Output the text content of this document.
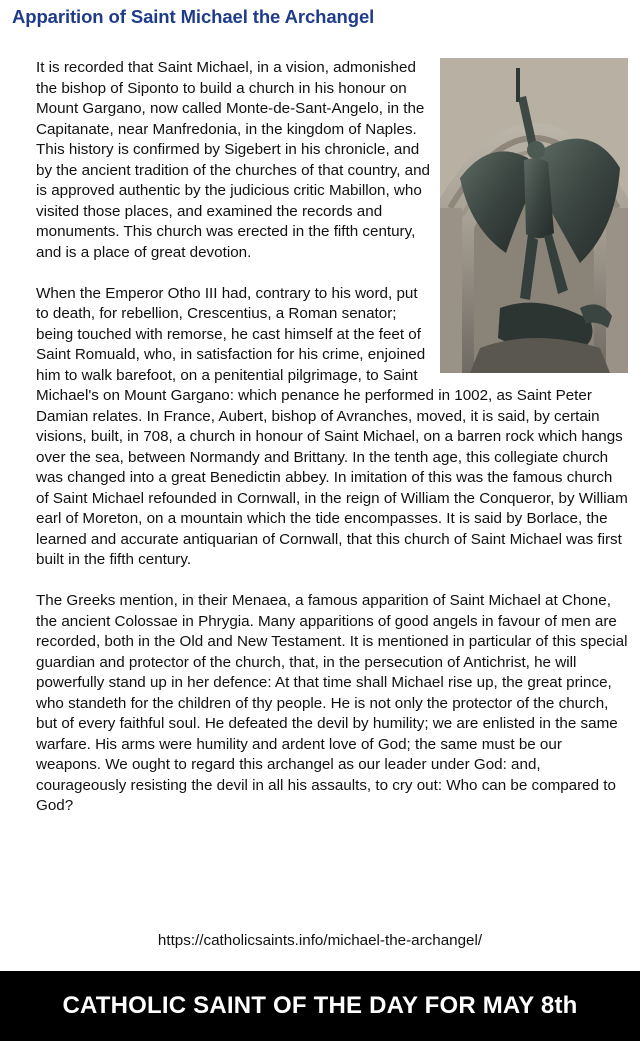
Apparition of Saint Michael the Archangel

It is recorded that Saint Michael, in a vision, admonished the bishop of Siponto to build a church in his honour on Mount Gargano, now called Monte-de-Sant-Angelo, in the Capitanate, near Manfredonia, in the kingdom of Naples. This history is confirmed by Sigebert in his chronicle, and by the ancient tradition of the churches of that country, and is approved authentic by the judicious critic Mabillon, who visited those places, and examined the records and monuments. This church was erected in the fifth century, and is a place of great devotion.

When the Emperor Otho III had, contrary to his word, put to death, for rebellion, Crescentius, a Roman senator; being touched with remorse, he cast himself at the feet of Saint Romuald, who, in satisfaction for his crime, enjoined him to walk barefoot, on a penitential pilgrimage, to Saint Michael's on Mount Gargano: which penance he performed in 1002, as Saint Peter Damian relates. In France, Aubert, bishop of Avranches, moved, it is said, by certain visions, built, in 708, a church in honour of Saint Michael, on a barren rock which hangs over the sea, between Normandy and Brittany. In the tenth age, this collegiate church was changed into a great Benedictin abbey. In imitation of this was the famous church of Saint Michael refounded in Cornwall, in the reign of William the Conqueror, by William earl of Moreton, on a mountain which the tide encompasses. It is said by Borlace, the learned and accurate antiquarian of Cornwall, that this church of Saint Michael was first built in the fifth century.

The Greeks mention, in their Menaea, a famous apparition of Saint Michael at Chone, the ancient Colossae in Phrygia. Many apparitions of good angels in favour of men are recorded, both in the Old and New Testament. It is mentioned in particular of this special guardian and protector of the church, that, in the persecution of Antichrist, he will powerfully stand up in her defence: At that time shall Michael rise up, the great prince, who standeth for the children of thy people. He is not only the protector of the church, but of every faithful soul. He defeated the devil by humility; we are enlisted in the same warfare. His arms were humility and ardent love of God; the same must be our weapons. We ought to regard this archangel as our leader under God: and, courageously resisting the devil in all his assaults, to cry out: Who can be compared to God?

https://catholicsaints.info/michael-the-archangel/
CATHOLIC SAINT OF THE DAY FOR MAY 8th
